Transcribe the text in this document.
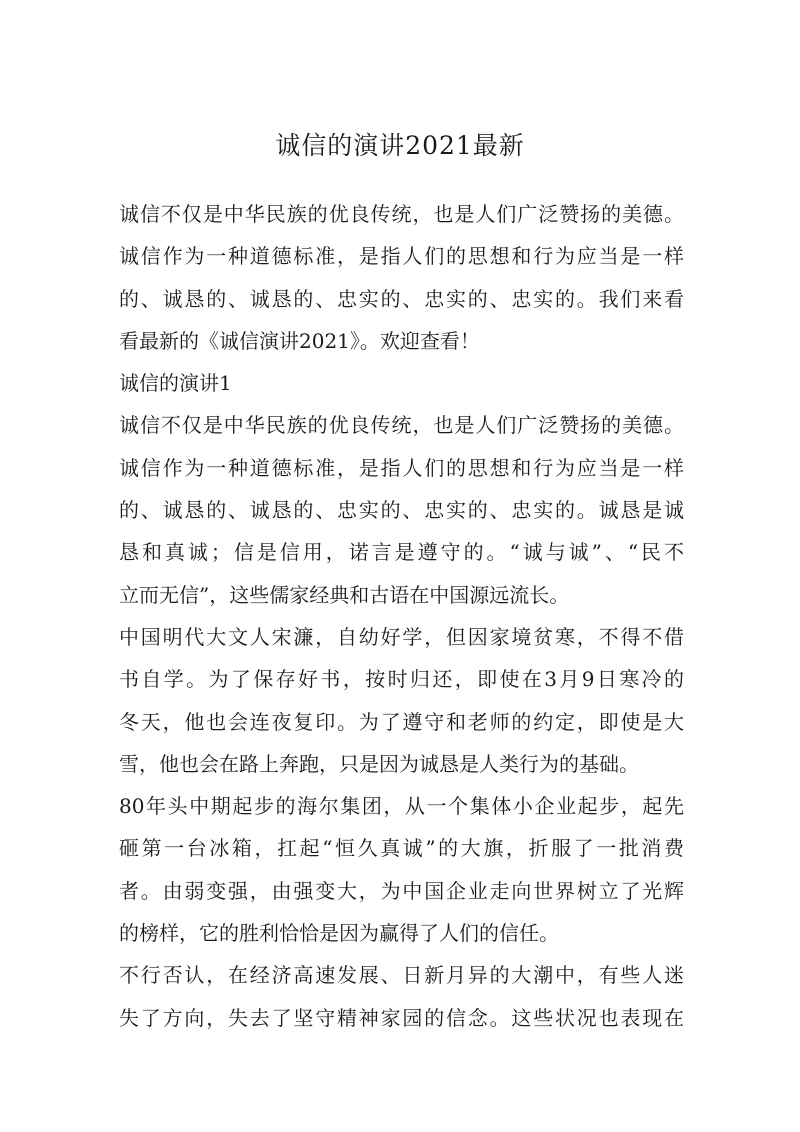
诚信的演讲2021最新
诚信不仅是中华民族的优良传统，也是人们广泛赞扬的美德。
诚信作为一种道德标准，是指人们的思想和行为应当是一样
的、诚恳的、诚恳的、忠实的、忠实的、忠实的。我们来看
看最新的《诚信演讲2021》。欢迎查看！
诚信的演讲1
诚信不仅是中华民族的优良传统，也是人们广泛赞扬的美德。
诚信作为一种道德标准，是指人们的思想和行为应当是一样
的、诚恳的、诚恳的、忠实的、忠实的、忠实的。诚恳是诚
恳和真诚；信是信用，诺言是遵守的。“诚与诚”、“民不
立而无信”，这些儒家经典和古语在中国源远流长。
中国明代大文人宋濂，自幼好学，但因家境贫寒，不得不借
书自学。为了保存好书，按时归还，即使在3月9日寒冷的
冬天，他也会连夜复印。为了遵守和老师的约定，即使是大
雪，他也会在路上奔跑，只是因为诚恳是人类行为的基础。
80年头中期起步的海尔集团，从一个集体小企业起步，起先
砸第一台冰箱，扛起“恒久真诚”的大旗，折服了一批消费
者。由弱变强，由强变大，为中国企业走向世界树立了光辉
的榜样，它的胜利恰恰是因为赢得了人们的信任。
不行否认，在经济高速发展、日新月异的大潮中，有些人迷
失了方向，失去了坚守精神家园的信念。这些状况也表现在
